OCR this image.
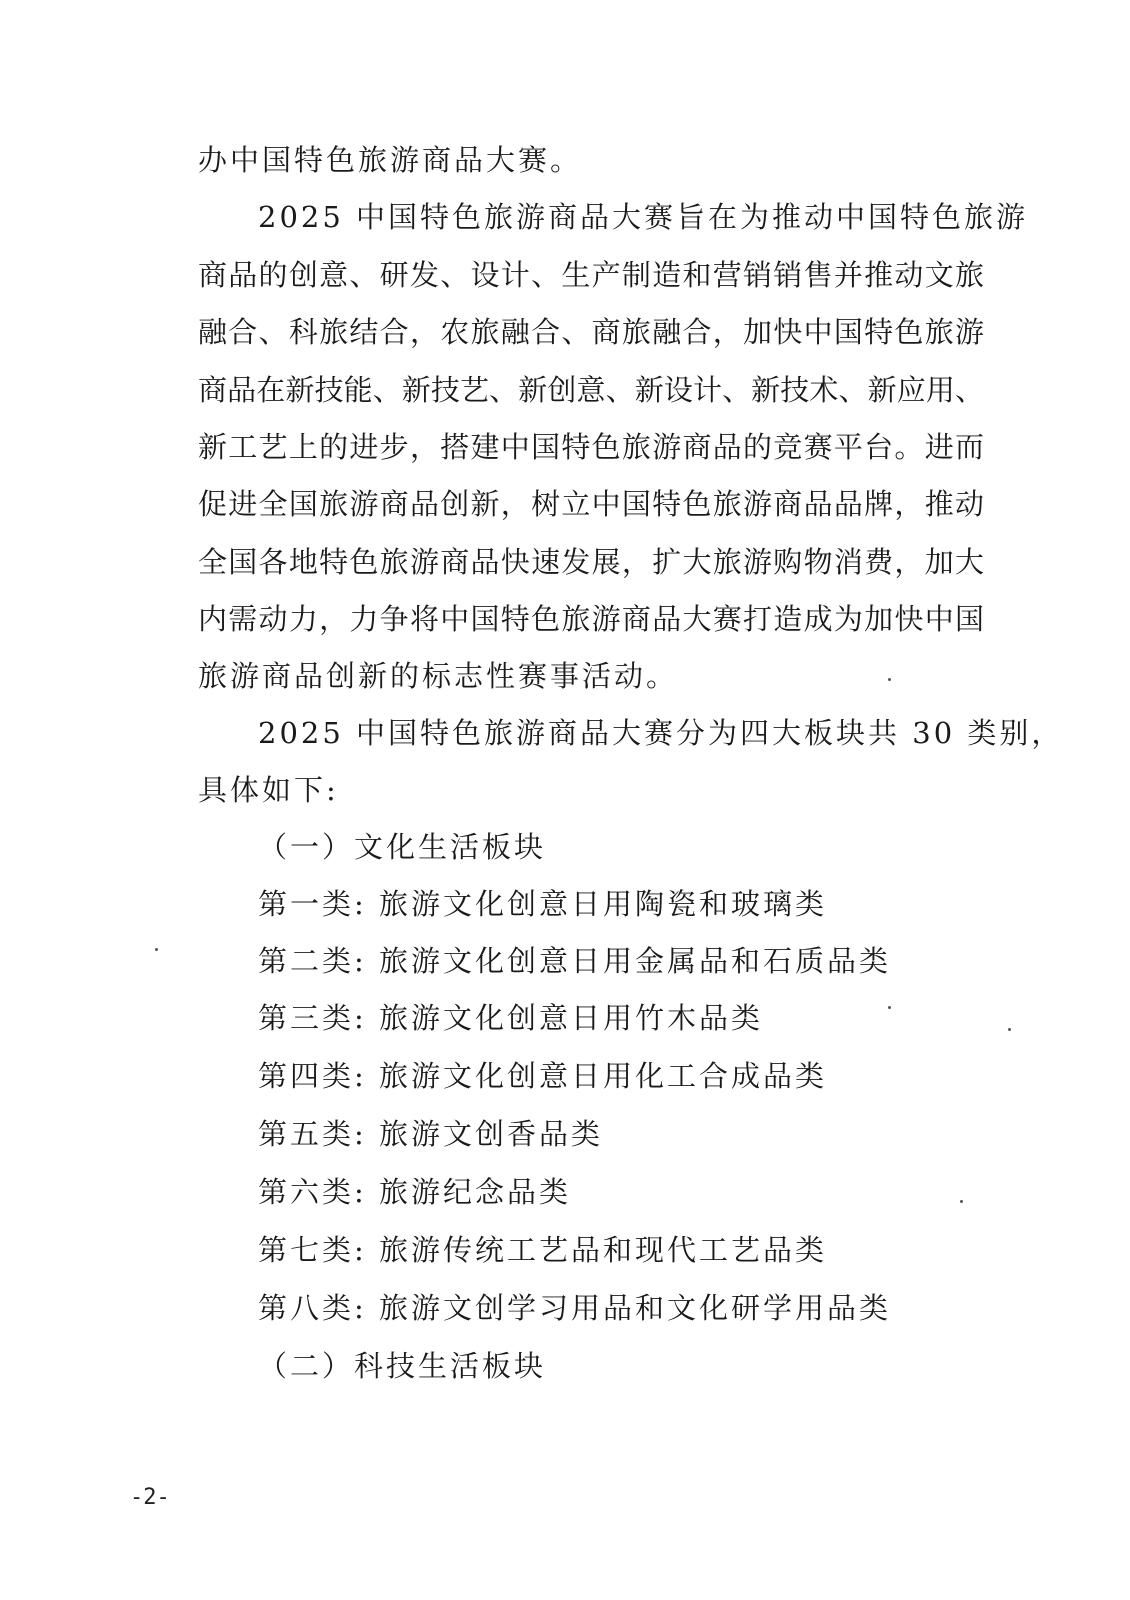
办中国特色旅游商品大赛。
2025 中国特色旅游商品大赛旨在为推动中国特色旅游
商品的创意、研发、设计、生产制造和营销销售并推动文旅
融合、科旅结合，农旅融合、商旅融合，加快中国特色旅游
商品在新技能、新技艺、新创意、新设计、新技术、新应用、
新工艺上的进步，搭建中国特色旅游商品的竞赛平台。进而
促进全国旅游商品创新，树立中国特色旅游商品品牌，推动
全国各地特色旅游商品快速发展，扩大旅游购物消费，加大
内需动力，力争将中国特色旅游商品大赛打造成为加快中国
旅游商品创新的标志性赛事活动。
2025 中国特色旅游商品大赛分为四大板块共 30 类别，
具体如下:
（一）文化生活板块
第一类: 旅游文化创意日用陶瓷和玻璃类
第二类: 旅游文化创意日用金属品和石质品类
第三类: 旅游文化创意日用竹木品类
第四类: 旅游文化创意日用化工合成品类
第五类: 旅游文创香品类
第六类: 旅游纪念品类
第七类: 旅游传统工艺品和现代工艺品类
第八类: 旅游文创学习用品和文化研学用品类
（二）科技生活板块
-2-
